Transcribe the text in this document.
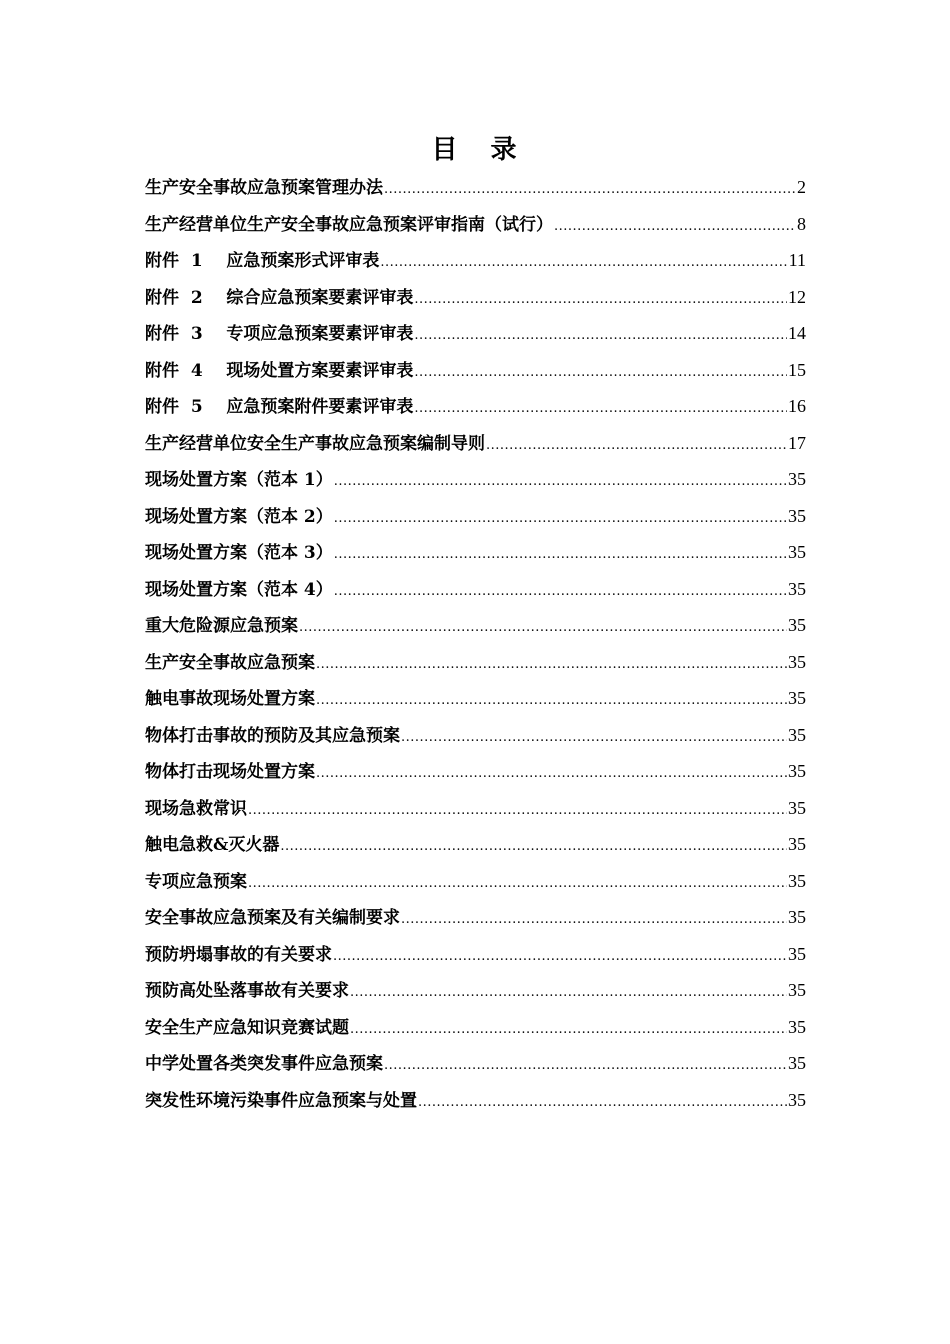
目 录
生产安全事故应急预案管理办法 .....	2
生产经营单位生产安全事故应急预案评审指南（试行） .....	8
附件  1    应急预案形式评审表 .....	11
附件  2    综合应急预案要素评审表 .....	12
附件  3    专项应急预案要素评审表 .....	14
附件  4    现场处置方案要素评审表 .....	15
附件  5    应急预案附件要素评审表 .....	16
生产经营单位安全生产事故应急预案编制导则 .....	17
现场处置方案（范本 1） .....	35
现场处置方案（范本 2） .....	35
现场处置方案（范本 3） .....	35
现场处置方案（范本 4） .....	35
重大危险源应急预案 .....	35
生产安全事故应急预案 .....	35
触电事故现场处置方案 .....	35
物体打击事故的预防及其应急预案 .....	35
物体打击现场处置方案 .....	35
现场急救常识 .....	35
触电急救&灭火器 .....	35
专项应急预案 .....	35
安全事故应急预案及有关编制要求 .....	35
预防坍塌事故的有关要求 .....	35
预防高处坠落事故有关要求 .....	35
安全生产应急知识竞赛试题 .....	35
中学处置各类突发事件应急预案 .....	35
突发性环境污染事件应急预案与处置 .....	35
